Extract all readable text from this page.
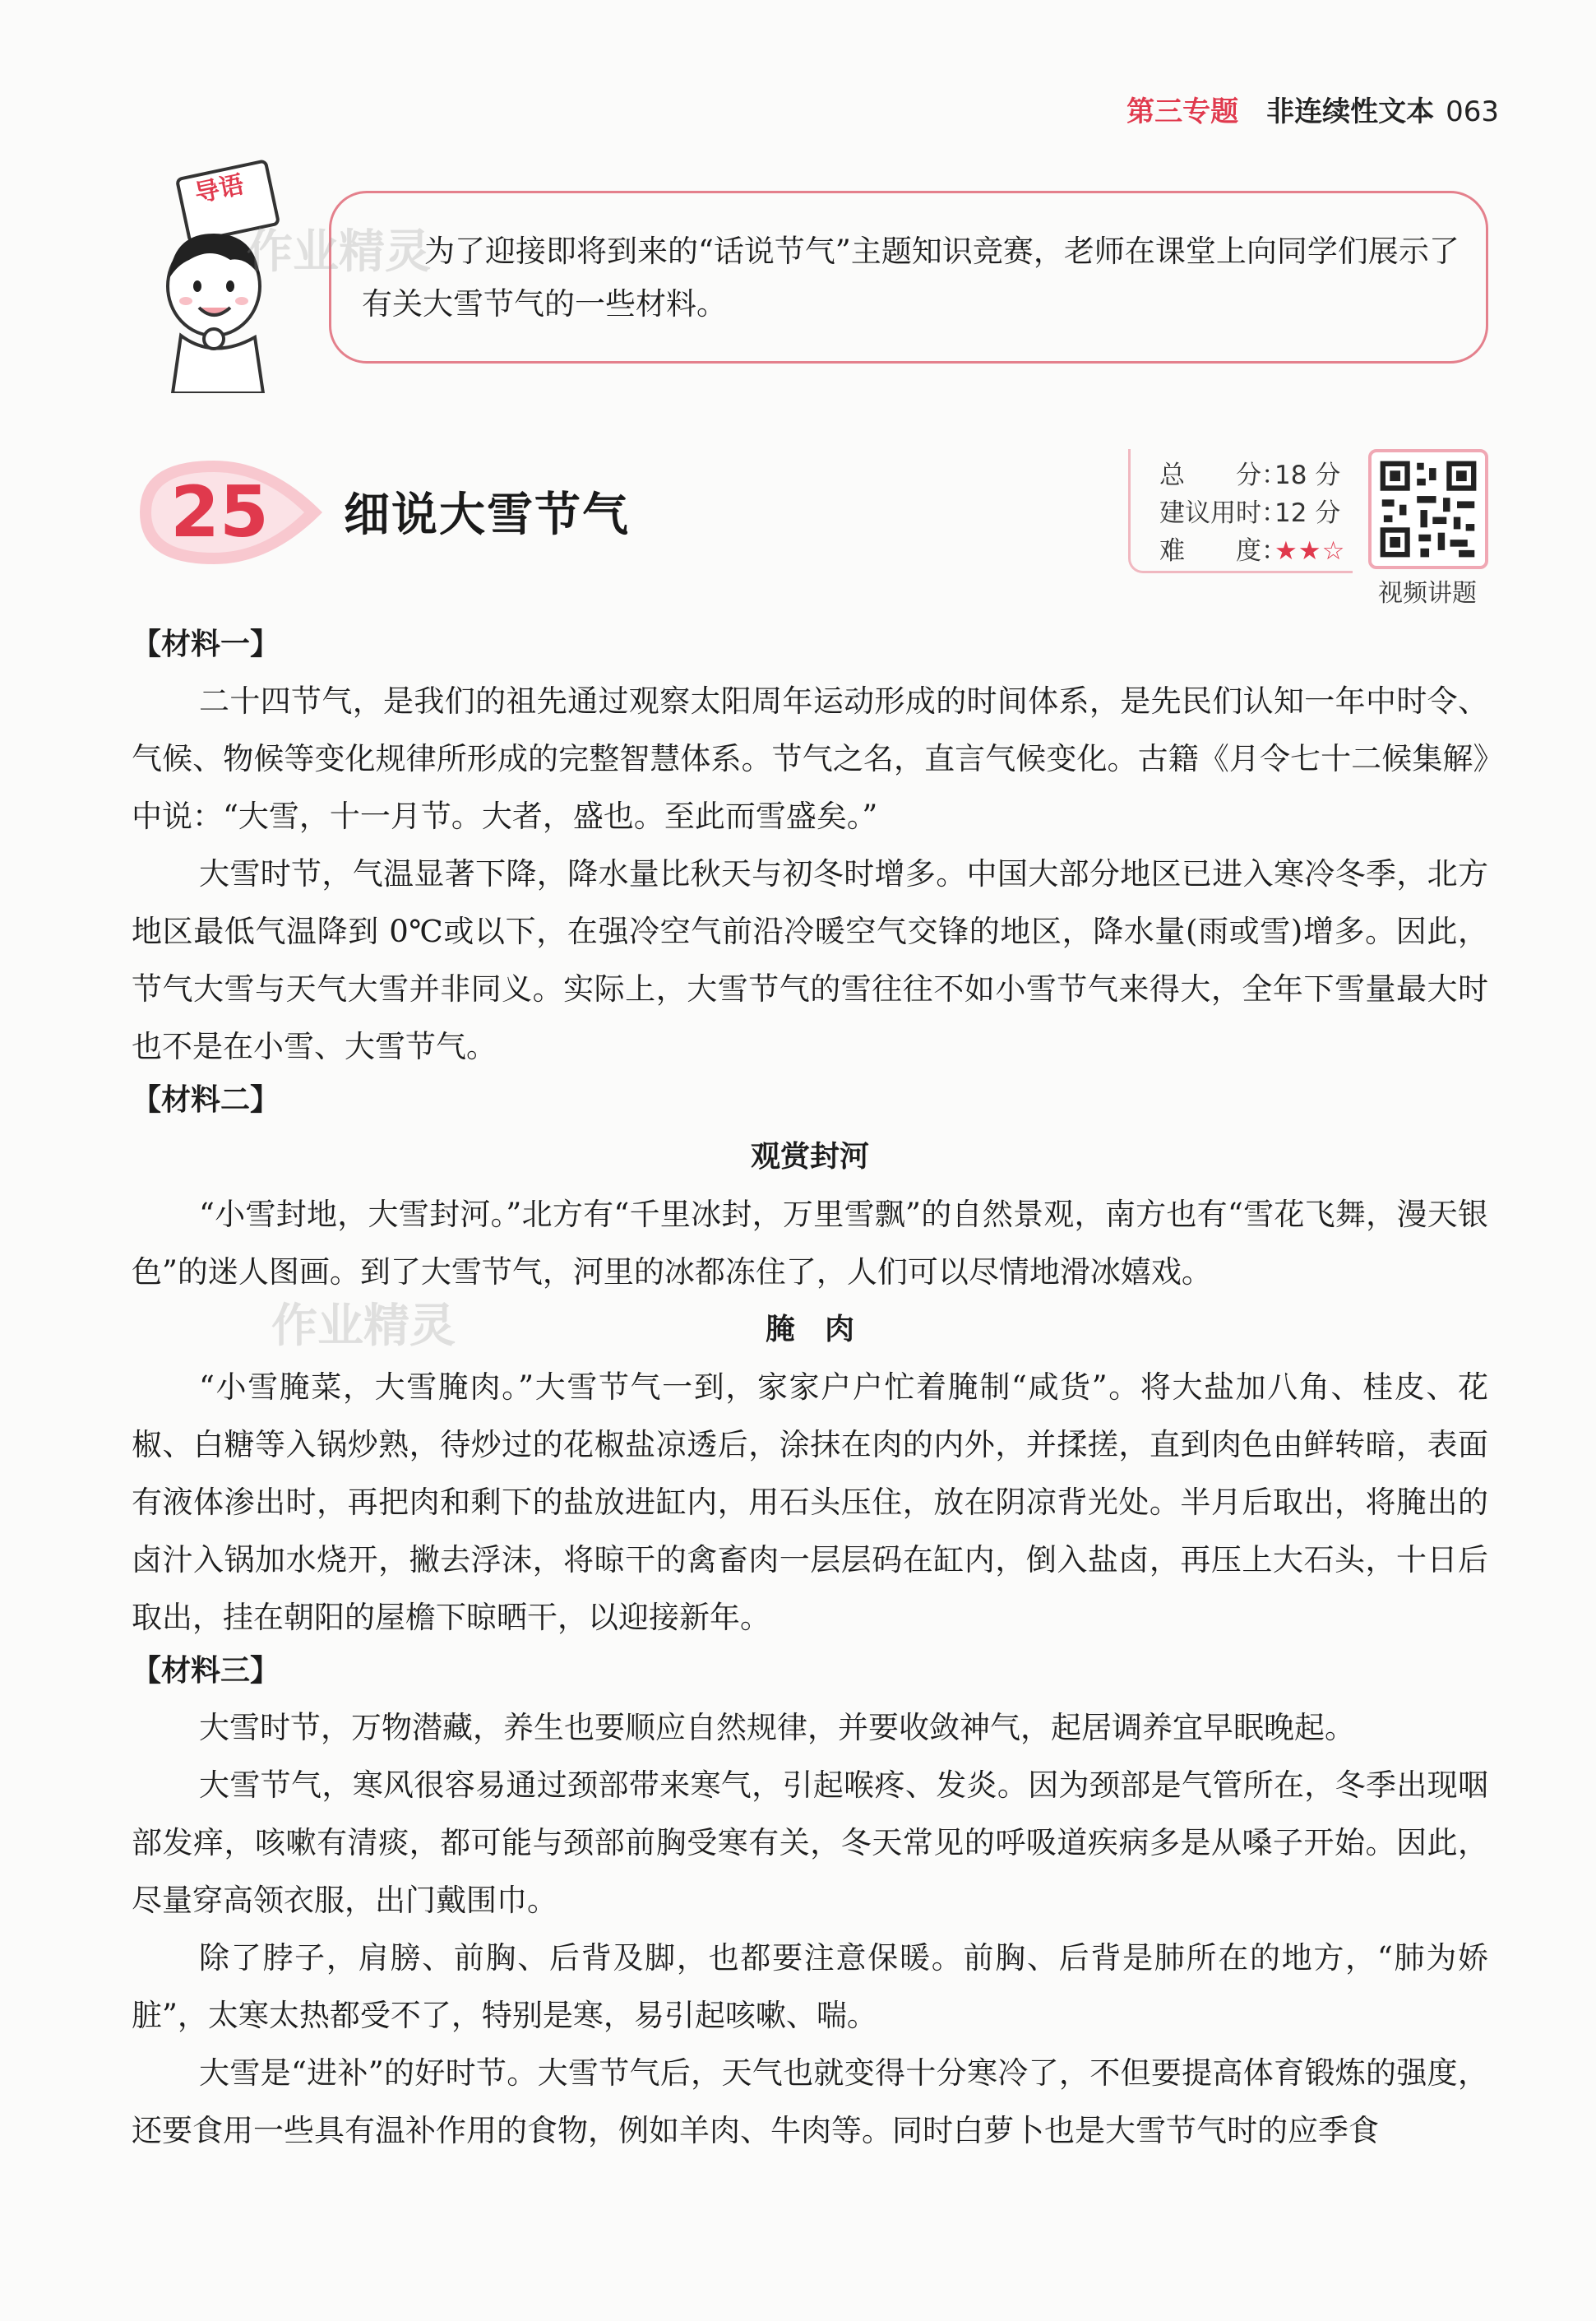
第三专题 非连续性文本 063
导语
为了迎接即将到来的“话说节气”主题知识竞赛，老师在课堂上向同学们展示了有关大雪节气的一些材料。
作业精灵
25 细说大雪节气
总　　分：18 分
建议用时：12 分
难　　度：★★☆
视频讲题
【材料一】

二十四节气，是我们的祖先通过观察太阳周年运动形成的时间体系，是先民们认知一年中时令、气候、物候等变化规律所形成的完整智慧体系。节气之名，直言气候变化。古籍《月令七十二候集解》中说：“大雪，十一月节。大者，盛也。至此而雪盛矣。”

大雪时节，气温显著下降，降水量比秋天与初冬时增多。中国大部分地区已进入寒冷冬季，北方地区最低气温降到 0℃或以下，在强冷空气前沿冷暖空气交锋的地区，降水量(雨或雪)增多。因此，节气大雪与天气大雪并非同义。实际上，大雪节气的雪往往不如小雪节气来得大，全年下雪量最大时也不是在小雪、大雪节气。

【材料二】

观赏封河

“小雪封地，大雪封河。”北方有“千里冰封，万里雪飘”的自然景观，南方也有“雪花飞舞，漫天银色”的迷人图画。到了大雪节气，河里的冰都冻住了，人们可以尽情地滑冰嬉戏。

腌　肉

“小雪腌菜，大雪腌肉。”大雪节气一到，家家户户忙着腌制“咸货”。将大盐加八角、桂皮、花椒、白糖等入锅炒熟，待炒过的花椒盐凉透后，涂抹在肉的内外，并揉搓，直到肉色由鲜转暗，表面有液体渗出时，再把肉和剩下的盐放进缸内，用石头压住，放在阴凉背光处。半月后取出，将腌出的卤汁入锅加水烧开，撇去浮沫，将晾干的禽畜肉一层层码在缸内，倒入盐卤，再压上大石头，十日后取出，挂在朝阳的屋檐下晾晒干，以迎接新年。

【材料三】

大雪时节，万物潜藏，养生也要顺应自然规律，并要收敛神气，起居调养宜早眠晚起。

大雪节气，寒风很容易通过颈部带来寒气，引起喉疼、发炎。因为颈部是气管所在，冬季出现咽部发痒，咳嗽有清痰，都可能与颈部前胸受寒有关，冬天常见的呼吸道疾病多是从嗓子开始。因此，尽量穿高领衣服，出门戴围巾。

除了脖子，肩膀、前胸、后背及脚，也都要注意保暖。前胸、后背是肺所在的地方，“肺为娇脏”，太寒太热都受不了，特别是寒，易引起咳嗽、喘。

大雪是“进补”的好时节。大雪节气后，天气也就变得十分寒冷了，不但要提高体育锻炼的强度，还要食用一些具有温补作用的食物，例如羊肉、牛肉等。同时白萝卜也是大雪节气时的应季食

作业精灵
